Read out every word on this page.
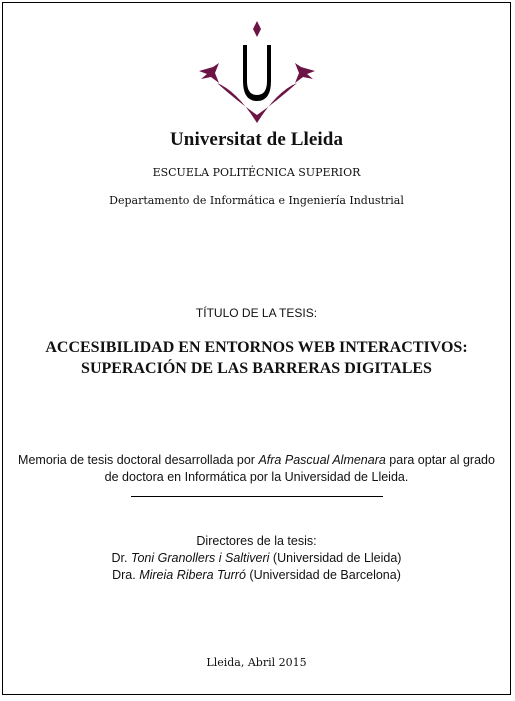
Universitat de Lleida
ESCUELA POLITÉCNICA SUPERIOR
Departamento de Informática e Ingeniería Industrial
TÍTULO DE LA TESIS:
ACCESIBILIDAD EN ENTORNOS WEB INTERACTIVOS:
SUPERACIÓN DE LAS BARRERAS DIGITALES
Memoria de tesis doctoral desarrollada por Afra Pascual Almenara para optar al grado
de doctora en Informática por la Universidad de Lleida.
Directores de la tesis:
Dr. Toni Granollers i Saltiveri (Universidad de Lleida)
Dra. Mireia Ribera Turró (Universidad de Barcelona)
Lleida, Abril 2015
